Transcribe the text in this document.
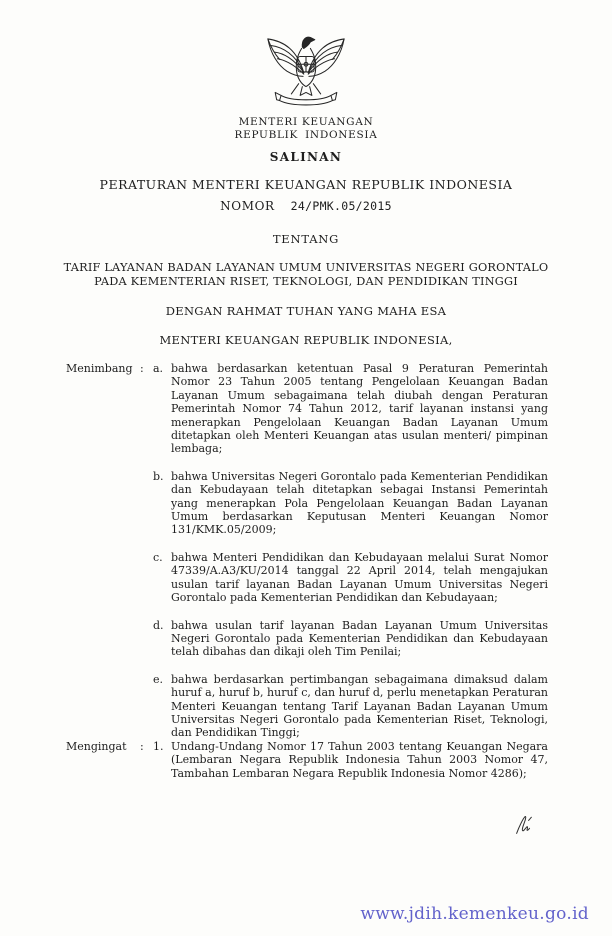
MENTERI KEUANGAN
REPUBLIK INDONESIA
SALINAN
PERATURAN MENTERI KEUANGAN REPUBLIK INDONESIA
NOMOR 24/PMK.05/2015
TENTANG
TARIF LAYANAN BADAN LAYANAN UMUM UNIVERSITAS NEGERI GORONTALO
PADA KEMENTERIAN RISET, TEKNOLOGI, DAN PENDIDIKAN TINGGI
DENGAN RAHMAT TUHAN YANG MAHA ESA
MENTERI KEUANGAN REPUBLIK INDONESIA,
Menimbang : a. bahwa berdasarkan ketentuan Pasal 9 Peraturan Pemerintah Nomor 23 Tahun 2005 tentang Pengelolaan Keuangan Badan Layanan Umum sebagaimana telah diubah dengan Peraturan Pemerintah Nomor 74 Tahun 2012, tarif layanan instansi yang menerapkan Pengelolaan Keuangan Badan Layanan Umum ditetapkan oleh Menteri Keuangan atas usulan menteri/ pimpinan lembaga;
b. bahwa Universitas Negeri Gorontalo pada Kementerian Pendidikan dan Kebudayaan telah ditetapkan sebagai Instansi Pemerintah yang menerapkan Pola Pengelolaan Keuangan Badan Layanan Umum berdasarkan Keputusan Menteri Keuangan Nomor 131/KMK.05/2009;
c. bahwa Menteri Pendidikan dan Kebudayaan melalui Surat Nomor 47339/A.A3/KU/2014 tanggal 22 April 2014, telah mengajukan usulan tarif layanan Badan Layanan Umum Universitas Negeri Gorontalo pada Kementerian Pendidikan dan Kebudayaan;
d. bahwa usulan tarif layanan Badan Layanan Umum Universitas Negeri Gorontalo pada Kementerian Pendidikan dan Kebudayaan telah dibahas dan dikaji oleh Tim Penilai;
e. bahwa berdasarkan pertimbangan sebagaimana dimaksud dalam huruf a, huruf b, huruf c, dan huruf d, perlu menetapkan Peraturan Menteri Keuangan tentang Tarif Layanan Badan Layanan Umum Universitas Negeri Gorontalo pada Kementerian Riset, Teknologi, dan Pendidikan Tinggi;
Mengingat	: 1. Undang-Undang Nomor 17 Tahun 2003 tentang Keuangan Negara (Lembaran Negara Republik Indonesia Tahun 2003 Nomor 47, Tambahan Lembaran Negara Republik Indonesia Nomor 4286);
www.jdih.kemenkeu.go.id
